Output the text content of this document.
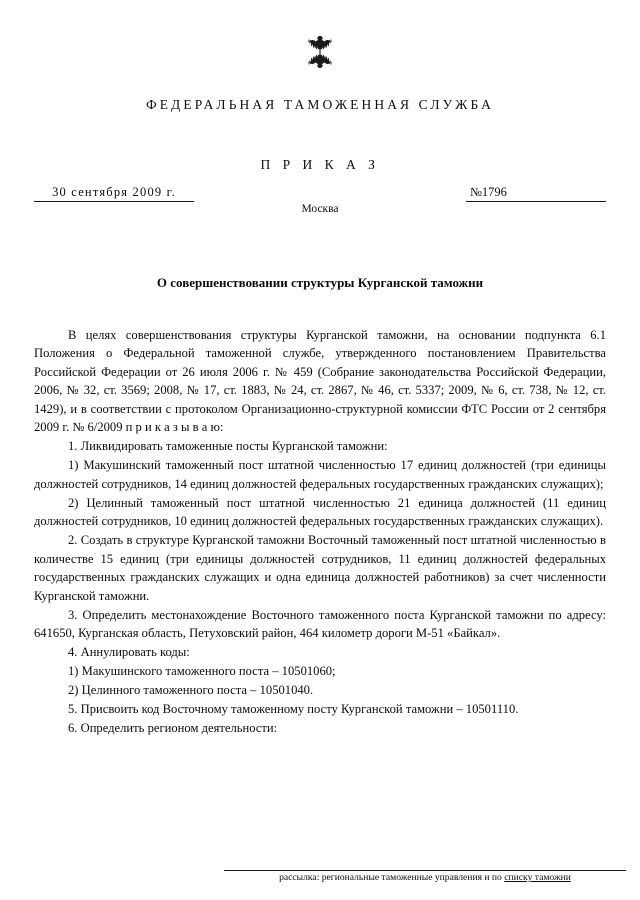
ФЕДЕРАЛЬНАЯ ТАМОЖЕННАЯ СЛУЖБА
П Р И К А З
30 сентября 2009 г.
Москва
№1796
О совершенствовании структуры Курганской таможни

В целях совершенствования структуры Курганской таможни, на основании подпункта 6.1 Положения о Федеральной таможенной службе, утвержденного постановлением Правительства Российской Федерации от 26 июля 2006 г. № 459 (Собрание законодательства Российской Федерации, 2006, № 32, ст. 3569; 2008, № 17, ст. 1883, № 24, ст. 2867, № 46, ст. 5337; 2009, № 6, ст. 738, № 12, ст. 1429), и в соответствии с протоколом Организационно-структурной комиссии ФТС России от 2 сентября 2009 г. № 6/2009 п р и к а з ы в а ю:

1. Ликвидировать таможенные посты Курганской таможни:

1) Макушинский таможенный пост штатной численностью 17 единиц должностей (три единицы должностей сотрудников, 14 единиц должностей федеральных государственных гражданских служащих);

2) Целинный таможенный пост штатной численностью 21 единица должностей (11 единиц должностей сотрудников, 10 единиц должностей федеральных государственных гражданских служащих).

2. Создать в структуре Курганской таможни Восточный таможенный пост штатной численностью в количестве 15 единиц (три единицы должностей сотрудников, 11 единиц должностей федеральных государственных гражданских служащих и одна единица должностей работников) за счет численности Курганской таможни.

3. Определить местонахождение Восточного таможенного поста Курганской таможни по адресу: 641650, Курганская область, Петуховский район, 464 километр дороги М-51 «Байкал».

4. Аннулировать коды:

1) Макушинского таможенного поста – 10501060;

2) Целинного таможенного поста – 10501040.

5. Присвоить код Восточному таможенному посту Курганской таможни – 10501110.

6. Определить регионом деятельности:

рассылка: региональные таможенные управления и по списку таможни
